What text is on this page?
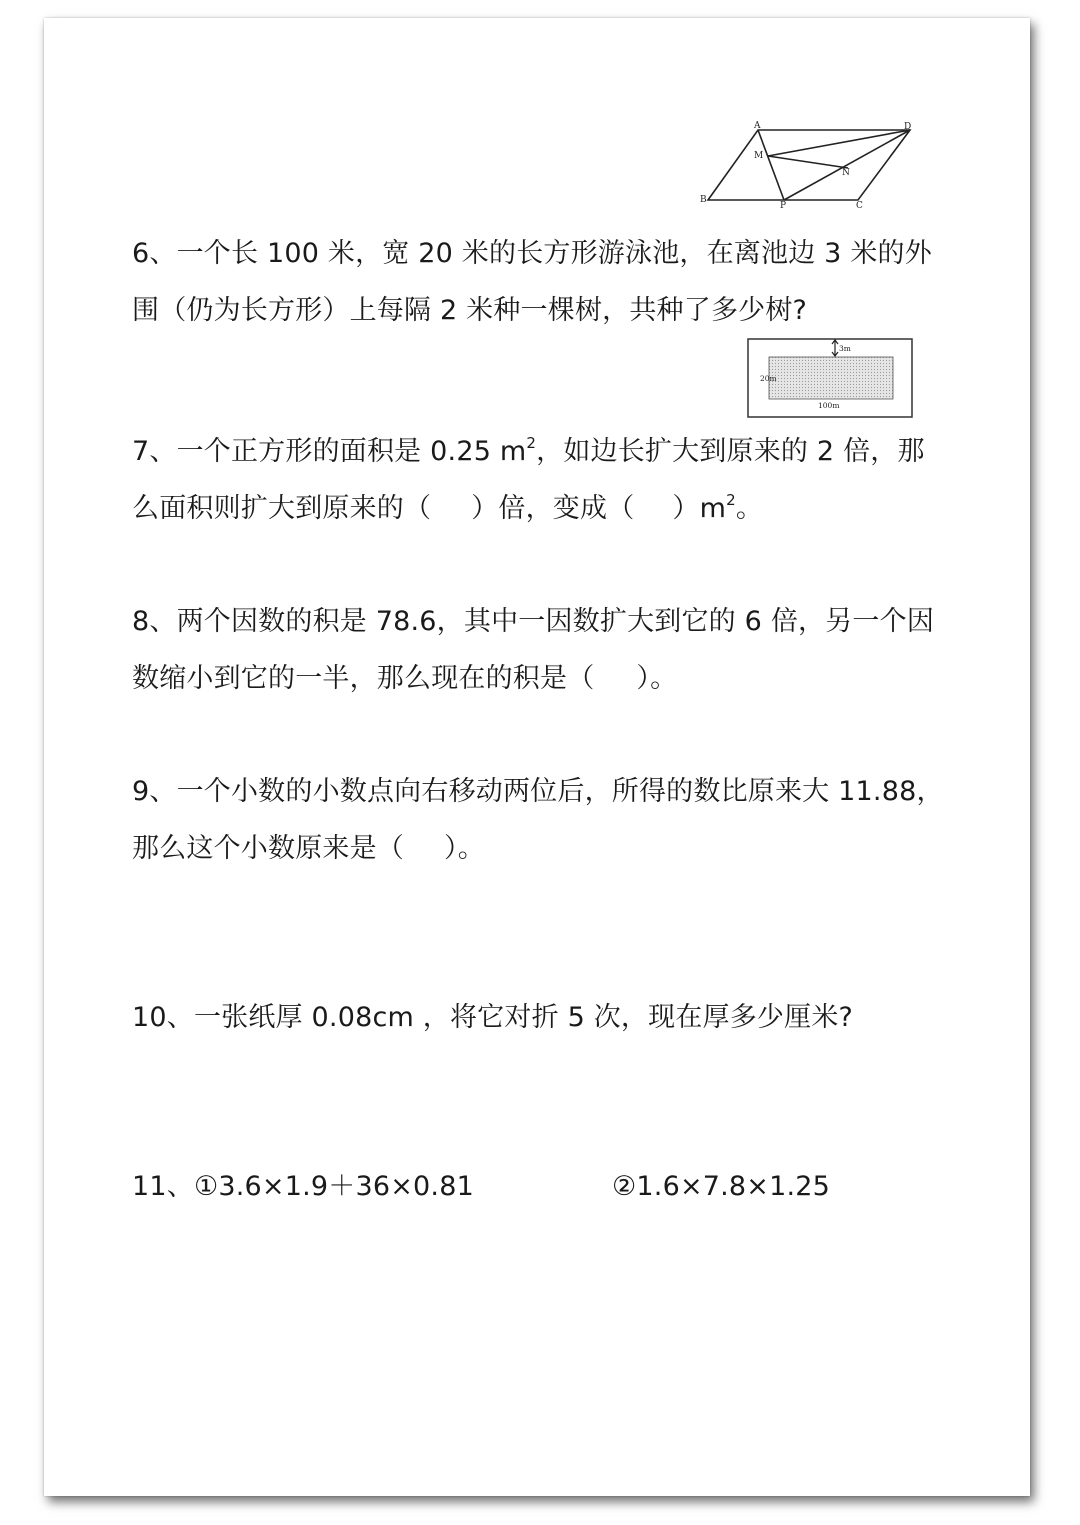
A	D
M
N
B
P	C
6、一个长 100 米，宽 20 米的长方形游泳池，在离池边 3 米的外
围（仍为长方形）上每隔 2 米种一棵树，共种了多少树?
3m
20m
100m
7、一个正方形的面积是 0.25 $m^2$，如边长扩大到原来的 2 倍，那
么面积则扩大到原来的（ ）倍，变成（ ）$m^2$。
8、两个因数的积是 78.6，其中一因数扩大到它的 6 倍，另一个因
数缩小到它的一半，那么现在的积是（ ）。
9、一个小数的小数点向右移动两位后，所得的数比原来大 11.88，
那么这个小数原来是（ ）。
10、一张纸厚 0.08cm ，将它对折 5 次，现在厚多少厘米?
11、①3.6×1.9＋36×0.81	②1.6×7.8×1.25
